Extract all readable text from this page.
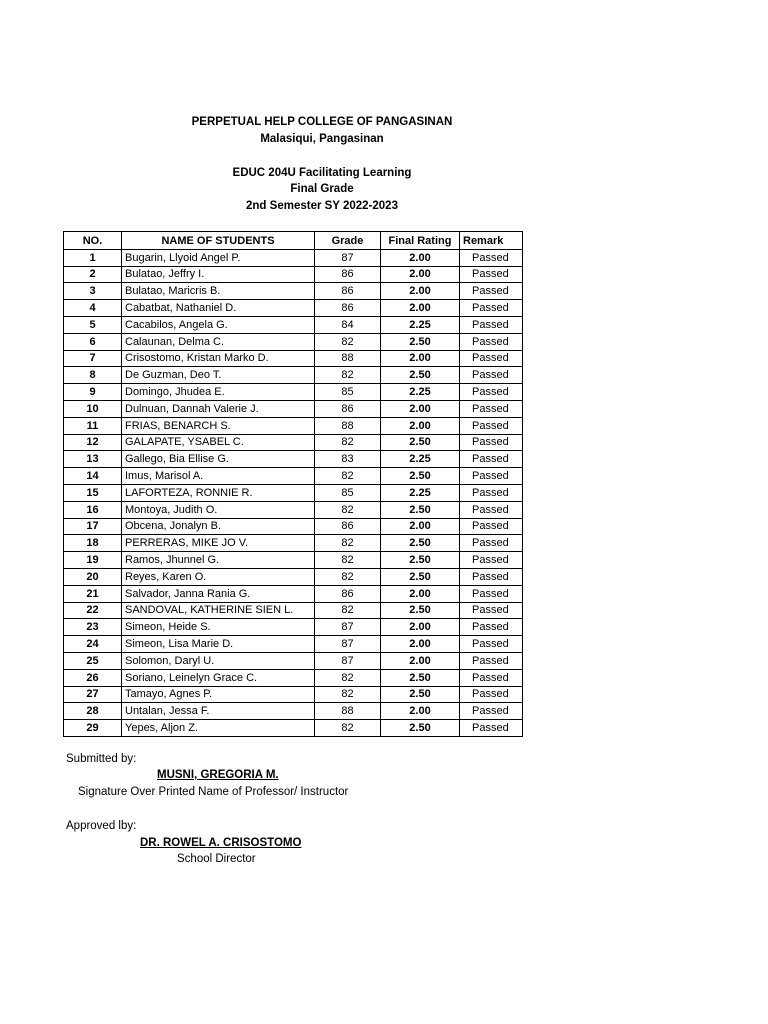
PERPETUAL HELP COLLEGE OF PANGASINAN
Malasiqui, Pangasinan
EDUC 204U Facilitating Learning
Final Grade
2nd Semester SY 2022-2023
NO.	NAME OF STUDENTS	Grade	Final Rating	Remark
1	Bugarin, Llyoid Angel P.	87	2.00	Passed
2	Bulatao, Jeffry I.	86	2.00	Passed
3	Bulatao, Maricris B.	86	2.00	Passed
4	Cabatbat, Nathaniel D.	86	2.00	Passed
5	Cacabilos, Angela G.	84	2.25	Passed
6	Calaunan, Delma C.	82	2.50	Passed
7	Crisostomo, Kristan Marko D.	88	2.00	Passed
8	De Guzman, Deo T.	82	2.50	Passed
9	Domingo, Jhudea E.	85	2.25	Passed
10	Dulnuan, Dannah Valerie J.	86	2.00	Passed
11	FRIAS, BENARCH S.	88	2.00	Passed
12	GALAPATE, YSABEL C.	82	2.50	Passed
13	Gallego, Bia Ellise G.	83	2.25	Passed
14	Imus, Marisol A.	82	2.50	Passed
15	LAFORTEZA, RONNIE R.	85	2.25	Passed
16	Montoya, Judith O.	82	2.50	Passed
17	Obcena, Jonalyn B.	86	2.00	Passed
18	PERRERAS, MIKE JO V.	82	2.50	Passed
19	Ramos, Jhunnel G.	82	2.50	Passed
20	Reyes, Karen O.	82	2.50	Passed
21	Salvador, Janna Rania G.	86	2.00	Passed
22	SANDOVAL, KATHERINE SIEN L.	82	2.50	Passed
23	Simeon, Heide S.	87	2.00	Passed
24	Simeon, Lisa Marie D.	87	2.00	Passed
25	Solomon, Daryl U.	87	2.00	Passed
26	Soriano, Leinelyn Grace C.	82	2.50	Passed
27	Tamayo, Agnes P.	82	2.50	Passed
28	Untalan, Jessa F.	88	2.00	Passed
29	Yepes, Aljon Z.	82	2.50	Passed
Submitted by:
MUSNI, GREGORIA M.
Signature Over Printed Name of Professor/ Instructor
Approved lby:
DR. ROWEL A. CRISOSTOMO
School Director
